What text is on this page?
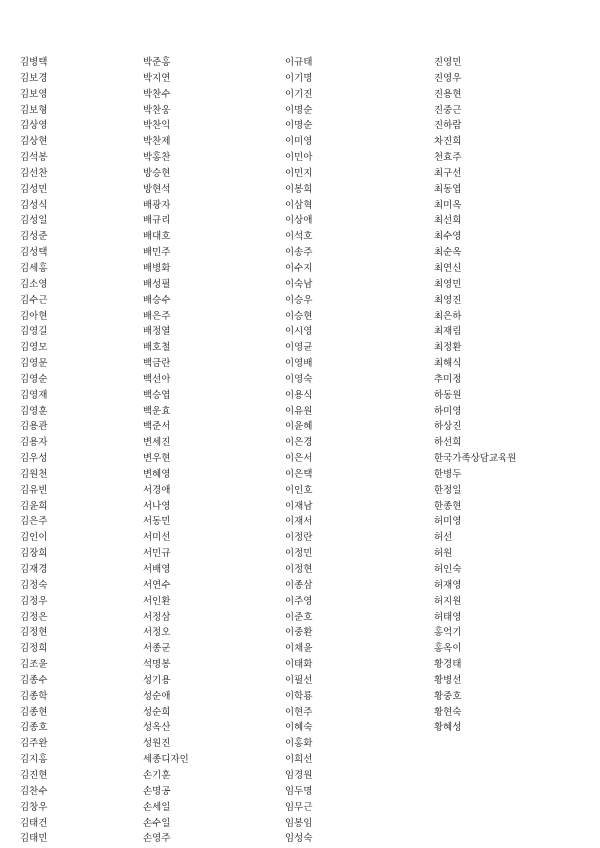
김병택	박준홍	이규태	진영민
김보경	박지연	이기명	진영우
김보영	박찬수	이기진	진용현
김보형	박찬웅	이명순	진중근
김상영	박찬익	이명순	진하람
김상현	박찬제	이미영	차진희
김석봉	박홍찬	이민아	천효주
김선찬	방승현	이민지	최구선
김성민	방현석	이봉희	최동엽
김성식	배광자	이삼혁	최미옥
김성일	배규리	이상애	최선희
김성준	배대호	이석호	최수영
김성택	배민주	이송주	최순옥
김세홍	배병화	이수지	최연신
김소영	배성필	이숙남	최영민
김수근	배승수	이승우	최영진
김아현	배은주	이승현	최은하
김영길	배정열	이시영	최재림
김영모	배호철	이영균	최정환
김영문	백금란	이영배	최해식
김영순	백선아	이영숙	추미정
김영재	백승엽	이용식	하동원
김영훈	백운효	이유원	하미영
김용관	백준서	이윤혜	하상진
김용자	변세진	이은경	하선희
김우성	변우현	이은서	한국가족상담교육원
김원천	변혜영	이은택	한병두
김유빈	서경애	이인호	한정일
김윤희	서나영	이재남	한종현
김은주	서동민	이재서	허미영
김인이	서미선	이정란	허선
김장희	서민규	이정민	허원
김재경	서배영	이정현	허인숙
김정숙	서연수	이종삼	허재영
김정우	서인환	이주영	허지원
김정은	서정삼	이준호	허태영
김정현	서정오	이중환	홍억기
김정희	서종군	이채윤	홍옥이
김조윤	석명봉	이태화	황경태
김종수	성기용	이필선	황병선
김종학	성순애	이학룡	황중호
김종현	성순희	이현주	황현숙
김종호	성옥산	이혜숙	황혜성
김주완	성원진	이홍화
김지홍	세종디자인	이희선
김진현	손기훈	임경원
김찬수	손명공	임두명
김창우	손세일	임무근
김태건	손수일	임봉임
김태민	손영주	임성숙
